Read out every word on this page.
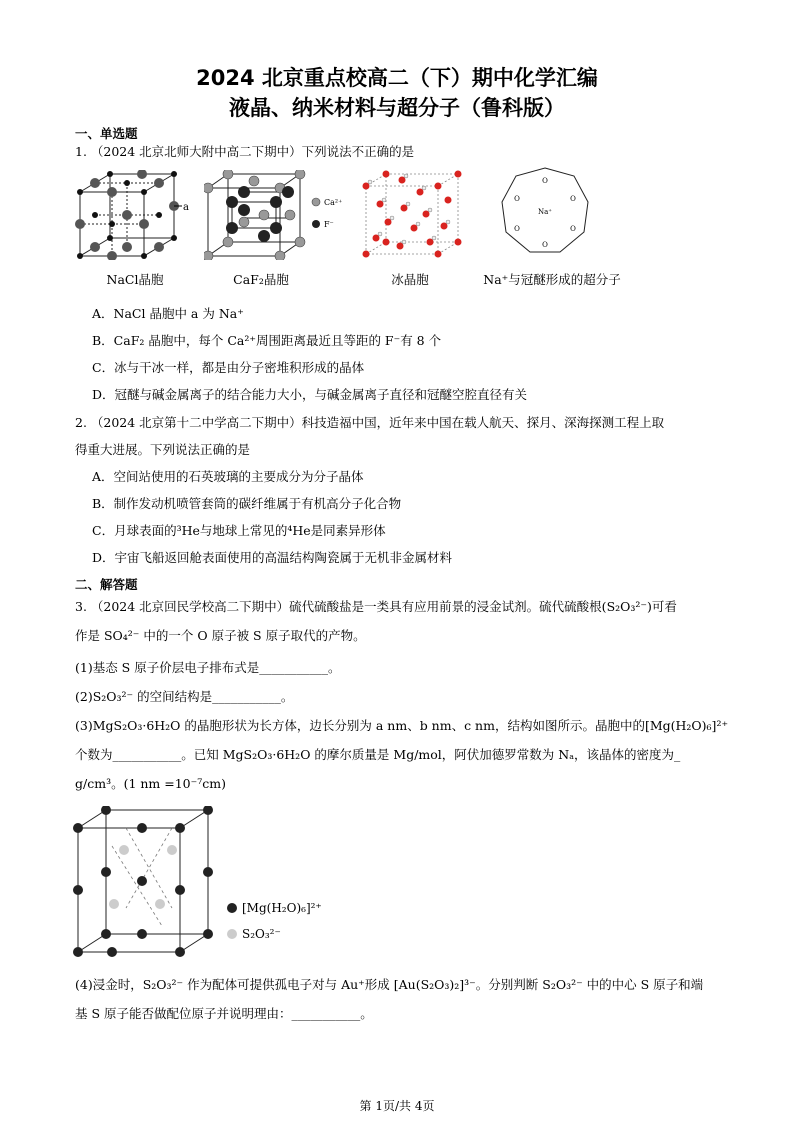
2024 北京重点校高二（下）期中化学汇编
液晶、纳米材料与超分子（鲁科版）
一、单选题
1. （2024 北京北师大附中高二下期中）下列说法不正确的是
a	Ca²⁺
F⁻
O
O
O
O
O
O
Na⁺
NaCl晶胞	CaF₂晶胞	冰晶胞	Na⁺与冠醚形成的超分子
A．NaCl 晶胞中 a 为 Na⁺
B．CaF₂ 晶胞中，每个 Ca²⁺周围距离最近且等距的 F⁻有 8 个
C．冰与干冰一样，都是由分子密堆积形成的晶体
D．冠醚与碱金属离子的结合能力大小，与碱金属离子直径和冠醚空腔直径有关
2. （2024 北京第十二中学高二下期中）科技造福中国，近年来中国在载人航天、探月、深海探测工程上取
得重大进展。下列说法正确的是
A．空间站使用的石英玻璃的主要成分为分子晶体
B．制作发动机喷管套筒的碳纤维属于有机高分子化合物
C．月球表面的³He与地球上常见的⁴He是同素异形体
D．宇宙飞船返回舱表面使用的高温结构陶瓷属于无机非金属材料
二、解答题
3. （2024 北京回民学校高二下期中）硫代硫酸盐是一类具有应用前景的浸金试剂。硫代硫酸根(S₂O₃²⁻)可看
作是 SO₄²⁻ 中的一个 O 原子被 S 原子取代的产物。
(1)基态 S 原子价层电子排布式是___________。
(2)S₂O₃²⁻ 的空间结构是___________。
(3)MgS₂O₃·6H₂O 的晶胞形状为长方体，边长分别为 a nm、b nm、c nm，结构如图所示。晶胞中的[Mg(H₂O)₆]²⁺
个数为___________。已知 MgS₂O₃·6H₂O 的摩尔质量是 Mg/mol，阿伏加德罗常数为 Nₐ，该晶体的密度为_
g/cm³。(1 nm =10⁻⁷cm)
[Mg(H₂O)₆]²⁺
S₂O₃²⁻
(4)浸金时，S₂O₃²⁻ 作为配体可提供孤电子对与 Au⁺形成 [Au(S₂O₃)₂]³⁻。分别判断 S₂O₃²⁻ 中的中心 S 原子和端
基 S 原子能否做配位原子并说明理由：___________。
第 1页/共 4页
